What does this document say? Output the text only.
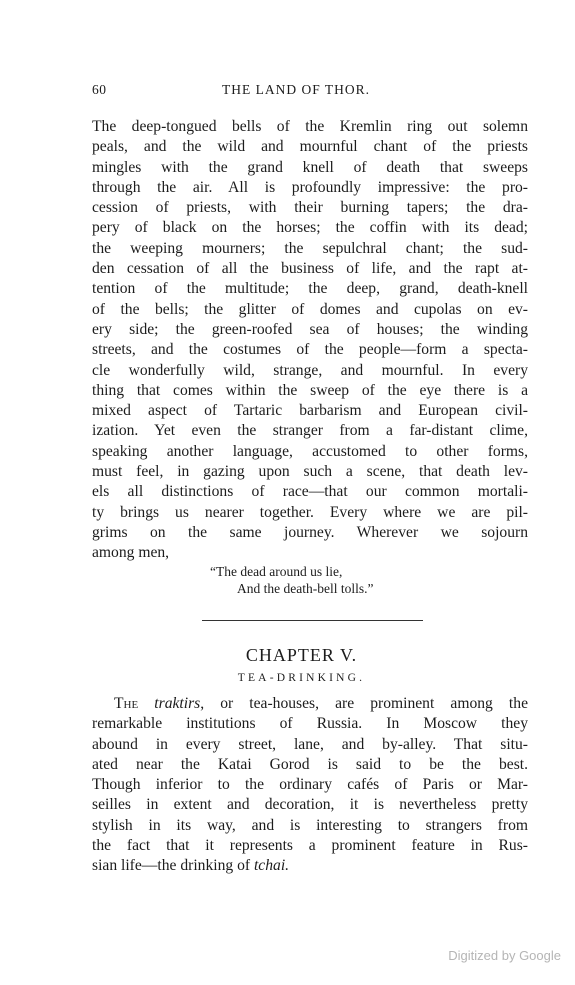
60	THE LAND OF THOR.
The deep-tongued bells of the Kremlin ring out solemn
peals, and the wild and mournful chant of the priests
mingles with the grand knell of death that sweeps
through the air. All is profoundly impressive: the pro-
cession of priests, with their burning tapers; the dra-
pery of black on the horses; the coffin with its dead;
the weeping mourners; the sepulchral chant; the sud-
den cessation of all the business of life, and the rapt at-
tention of the multitude; the deep, grand, death-knell
of the bells; the glitter of domes and cupolas on ev-
ery side; the green-roofed sea of houses; the winding
streets, and the costumes of the people—form a specta-
cle wonderfully wild, strange, and mournful. In every
thing that comes within the sweep of the eye there is a
mixed aspect of Tartaric barbarism and European civil-
ization. Yet even the stranger from a far-distant clime,
speaking another language, accustomed to other forms,
must feel, in gazing upon such a scene, that death lev-
els all distinctions of race—that our common mortali-
ty brings us nearer together. Every where we are pil-
grims on the same journey. Wherever we sojourn
among men,
“The dead around us lie,
And the death-bell tolls.”
CHAPTER V.
TEA-DRINKING.
The traktirs, or tea-houses, are prominent among the
remarkable institutions of Russia. In Moscow they
abound in every street, lane, and by-alley. That situ-
ated near the Katai Gorod is said to be the best.
Though inferior to the ordinary cafés of Paris or Mar-
seilles in extent and decoration, it is nevertheless pretty
stylish in its way, and is interesting to strangers from
the fact that it represents a prominent feature in Rus-
sian life—the drinking of tchai.
Digitized by Google
